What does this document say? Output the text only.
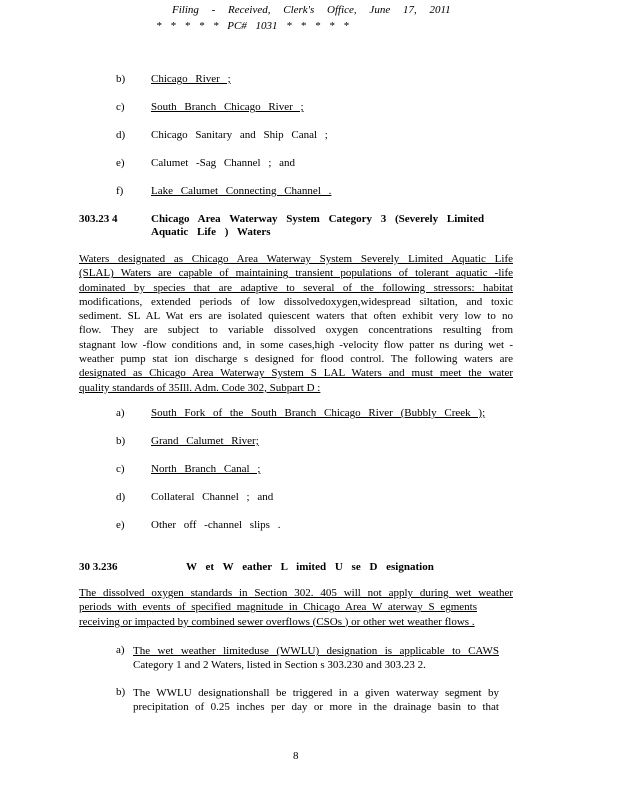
Filing - Received, Clerk's Office, June 17, 2011
* * * * * PC# 1031 * * * * *
b) Chicago River ;
c) South Branch Chicago River ;
d) Chicago Sanitary and Ship Canal ;
e) Calumet -Sag Channel ; and
f)	Lake Calumet Connecting Channel .
303.23 4	Chicago Area Waterway System Category 3 (Severely Limited
Aquatic Life ) Waters
Waters designated as Chicago Area Waterway System Severely Limited Aquatic Life
(SLAL) Waters are capable of maintaining transient populations of tolerant aquatic -life
dominated by species that are adaptive to several of the following stressors: habitat
modifications, extended periods of low dissolvedoxygen,widespread siltation, and toxic
sediment. SL AL Wat ers are isolated quiescent waters that often exhibit very low to no
flow. They are subject to variable dissolved oxygen concentrations resulting from
stagnant low -flow conditions and, in some cases,high -velocity flow patter ns during wet -
weather pump stat ion discharge s designed for flood control. The following waters are
designated as Chicago Area Waterway System S LAL Waters and must meet the water
quality standards of 35Ill. Adm. Code 302, Subpart D :
a) South Fork of the South Branch Chicago River (Bubbly Creek );
b) Grand Calumet River;
c) North Branch Canal ;
d) Collateral Channel ; and
e) Other off -channel slips .
30 3.236	W et W eather L imited U se D esignation
The dissolved oxygen standards in Section 302. 405 will not apply during wet weather
periods with events of specified magnitude in Chicago Area W aterway S egments
receiving or impacted by combined sewer overflows (CSOs ) or other wet weather flows .
a) The wet weather limiteduse (WWLU) designation is applicable to CAWS
Category 1 and 2 Waters, listed in Section s 303.230 and 303.23 2.
b) The WWLU designationshall be triggered in a given waterway segment by
precipitation of 0.25 inches per day or more in the drainage basin to that
8
